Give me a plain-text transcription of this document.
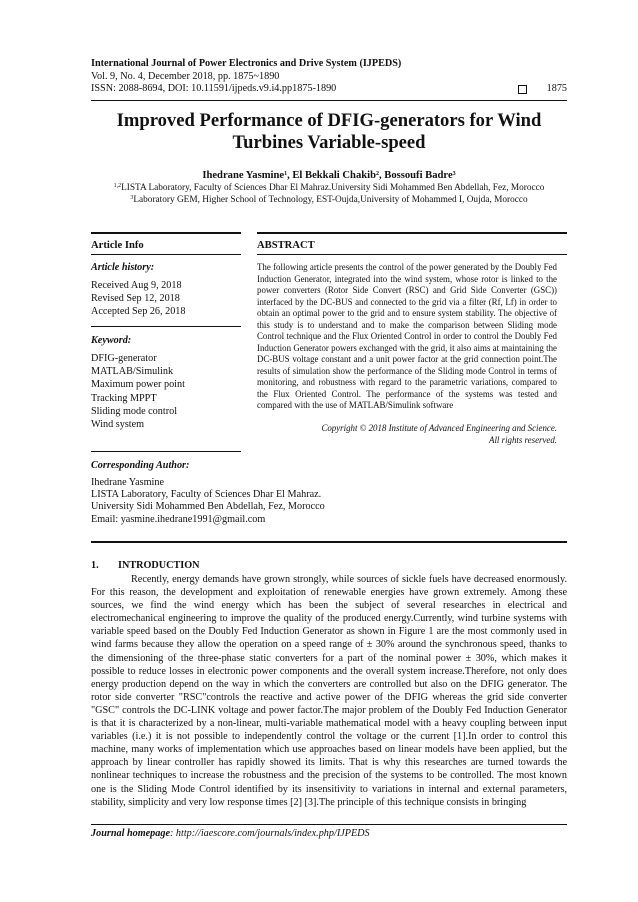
International Journal of Power Electronics and Drive System (IJPEDS)
Vol. 9, No. 4, December 2018, pp. 1875~1890
ISSN: 2088-8694, DOI: 10.11591/ijpeds.v9.i4.pp1875-1890	1875
Improved Performance of DFIG-generators for Wind Turbines Variable-speed
Ihedrane Yasmine$^1$, El Bekkali Chakib$^2$, Bossoufi Badre$^3$
$^{1,2}$LISTA Laboratory, Faculty of Sciences Dhar El Mahraz.University Sidi Mohammed Ben Abdellah, Fez, Morocco
$^3$Laboratory GEM, Higher School of Technology, EST-Oujda,University of Mohammed I, Oujda, Morocco
Article Info	ABSTRACT
Article history:
Received Aug 9, 2018
Revised Sep 12, 2018
Accepted Sep 26, 2018
Keyword:
DFIG-generator
MATLAB/Simulink
Maximum power point
Tracking MPPT
Sliding mode control
Wind system
The following article presents the control of the power generated by the Doubly Fed Induction Generator, integrated into the wind system, whose rotor is linked to the power converters (Rotor Side Convert (RSC) and Grid Side Converter (GSC)) interfaced by the DC-BUS and connected to the grid via a filter (Rf, Lf) in order to obtain an optimal power to the grid and to ensure system stability. The objective of this study is to understand and to make the comparison between Sliding mode Control technique and the Flux Oriented Control in order to control the Doubly Fed Induction Generator powers exchanged with the grid, it also aims at maintaining the DC-BUS voltage constant and a unit power factor at the grid connection point.The results of simulation show the performance of the Sliding mode Control in terms of monitoring, and robustness with regard to the parametric variations, compared to the Flux Oriented Control. The performance of the systems was tested and compared with the use of MATLAB/Simulink software
Copyright © 2018 Institute of Advanced Engineering and Science.
All rights reserved.
Corresponding Author:
Ihedrane Yasmine
LISTA Laboratory, Faculty of Sciences Dhar El Mahraz.
University Sidi Mohammed Ben Abdellah, Fez, Morocco
Email: yasmine.ihedrane1991@gmail.com
1. INTRODUCTION

Recently, energy demands have grown strongly, while sources of sickle fuels have decreased enormously. For this reason, the development and exploitation of renewable energies have grown extremely. Among these sources, we find the wind energy which has been the subject of several researches in electrical and electromechanical engineering to improve the quality of the produced energy.Currently, wind turbine systems with variable speed based on the Doubly Fed Induction Generator as shown in Figure 1 are the most commonly used in wind farms because they allow the operation on a speed range of ± 30% around the synchronous speed, thanks to the dimensioning of the three-phase static converters for a part of the nominal power ± 30%, which makes it possible to reduce losses in electronic power components and the overall system increase.Therefore, not only does energy production depend on the way in which the converters are controlled but also on the DFIG generator. The rotor side converter "RSC"controls the reactive and active power of the DFIG whereas the grid side converter "GSC" controls the DC-LINK voltage and power factor.The major problem of the Doubly Fed Induction Generator is that it is characterized by a non-linear, multi-variable mathematical model with a heavy coupling between input variables (i.e.) it is not possible to independently control the voltage or the current [1].In order to control this machine, many works of implementation which use approaches based on linear models have been applied, but the approach by linear controller has rapidly showed its limits. That is why this researches are turned towards the nonlinear techniques to increase the robustness and the precision of the systems to be controlled. The most known one is the Sliding Mode Control identified by its insensitivity to variations in internal and external parameters, stability, simplicity and very low response times [2] [3].The principle of this technique consists in bringing

Journal homepage: http://iaescore.com/journals/index.php/IJPEDS
